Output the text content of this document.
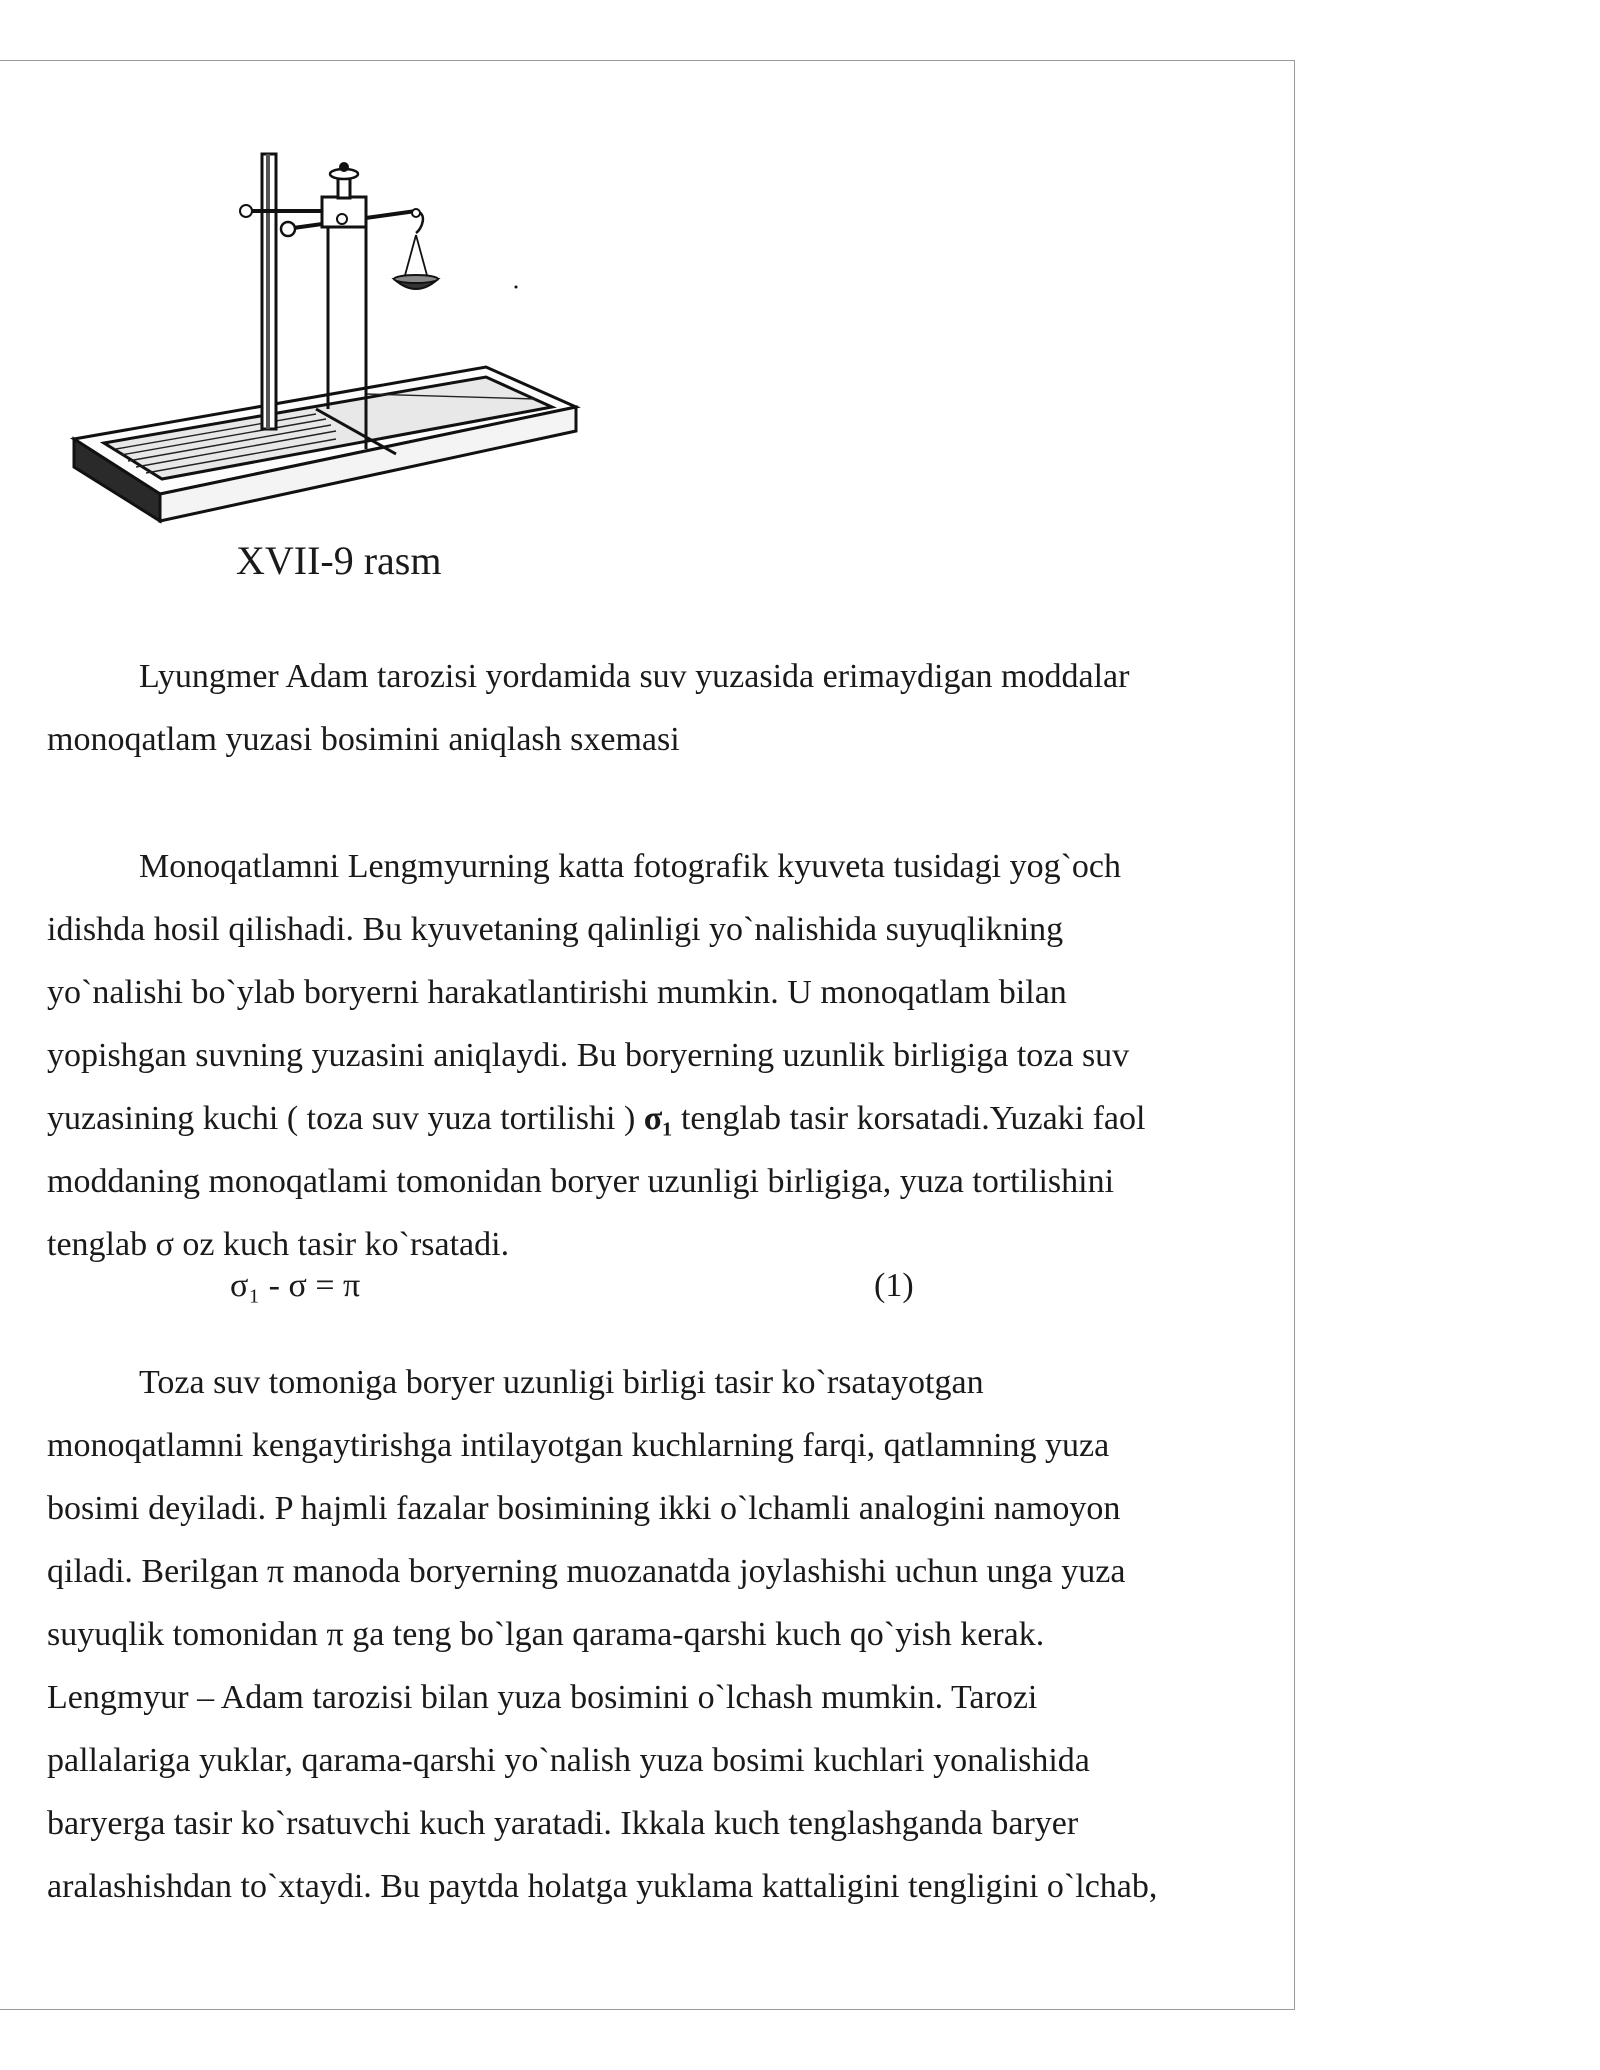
XVII-9 rasm
Lyungmer Adam tarozisi yordamida suv yuzasida erimaydigan moddalar
monoqatlam yuzasi bosimini aniqlash sxemasi
Monoqatlamni Lengmyurning katta fotografik kyuveta tusidagi yog`och
idishda hosil qilishadi. Bu kyuvetaning qalinligi yo`nalishida suyuqlikning
yo`nalishi bo`ylab boryerni harakatlantirishi mumkin. U monoqatlam bilan
yopishgan suvning yuzasini aniqlaydi. Bu boryerning uzunlik birligiga toza suv
yuzasining kuchi ( toza suv yuza tortilishi ) σ₁ tenglab tasir korsatadi.Yuzaki faol
moddaning monoqatlami tomonidan boryer uzunligi birligiga, yuza tortilishini
tenglab σ oz kuch tasir ko`rsatadi.
σ₁ - σ = π	(1)
Toza suv tomoniga boryer uzunligi birligi tasir ko`rsatayotgan
monoqatlamni kengaytirishga intilayotgan kuchlarning farqi, qatlamning yuza
bosimi deyiladi. P hajmli fazalar bosimining ikki o`lchamli analogini namoyon
qiladi. Berilgan π manoda boryerning muozanatda joylashishi uchun unga yuza
suyuqlik tomonidan π ga teng bo`lgan qarama-qarshi kuch qo`yish kerak.
Lengmyur – Adam tarozisi bilan yuza bosimini o`lchash mumkin. Tarozi
pallalariga yuklar, qarama-qarshi yo`nalish yuza bosimi kuchlari yonalishida
baryerga tasir ko`rsatuvchi kuch yaratadi. Ikkala kuch tenglashganda baryer
aralashishdan to`xtaydi. Bu paytda holatga yuklama kattaligini tengligini o`lchab,
